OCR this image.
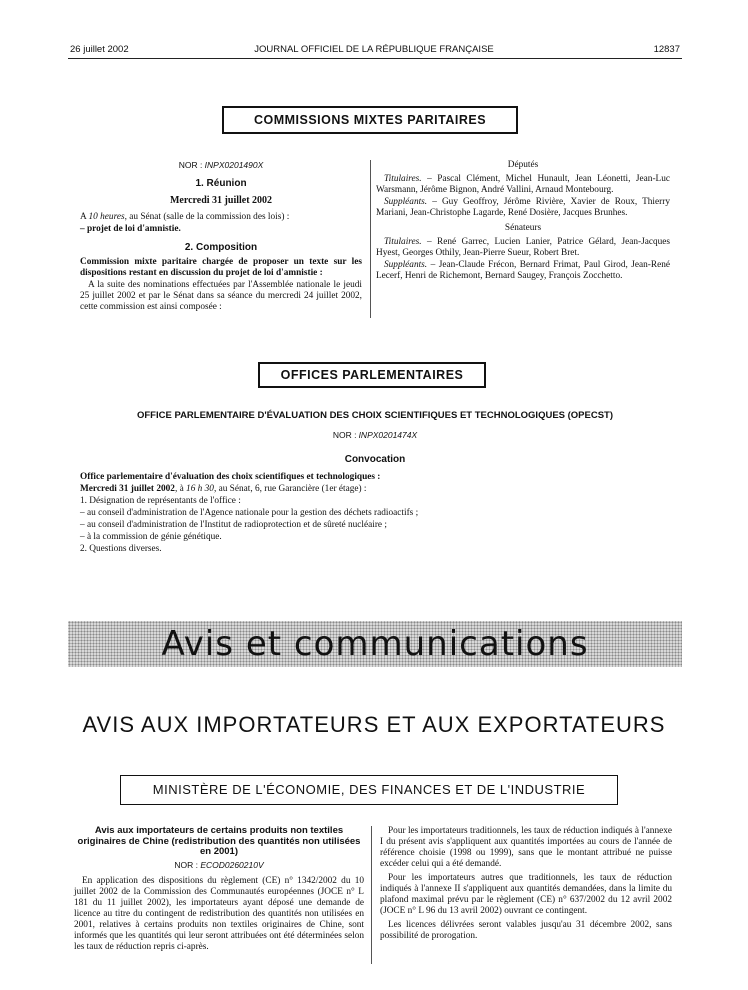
26 juillet 2002	JOURNAL OFFICIEL DE LA RÉPUBLIQUE FRANÇAISE	12837
COMMISSIONS MIXTES PARITAIRES

NOR : INPX0201490X

1. Réunion

Mercredi 31 juillet 2002

A 10 heures, au Sénat (salle de la commission des lois) :

– projet de loi d'amnistie.

2. Composition

Commission mixte paritaire chargée de proposer un texte sur les dispositions restant en discussion du projet de loi d'amnistie :

A la suite des nominations effectuées par l'Assemblée nationale le jeudi 25 juillet 2002 et par le Sénat dans sa séance du mercredi 24 juillet 2002, cette commission est ainsi composée :

Députés

Titulaires. – Pascal Clément, Michel Hunault, Jean Léonetti, Jean-Luc Warsmann, Jérôme Bignon, André Vallini, Arnaud Montebourg.

Suppléants. – Guy Geoffroy, Jérôme Rivière, Xavier de Roux, Thierry Mariani, Jean-Christophe Lagarde, René Dosière, Jacques Brunhes.

Sénateurs

Titulaires. – René Garrec, Lucien Lanier, Patrice Gélard, Jean-Jacques Hyest, Georges Othily, Jean-Pierre Sueur, Robert Bret.

Suppléants. – Jean-Claude Frécon, Bernard Frimat, Paul Girod, Jean-René Lecerf, Henri de Richemont, Bernard Saugey, François Zocchetto.

OFFICES PARLEMENTAIRES
OFFICE PARLEMENTAIRE D'ÉVALUATION DES CHOIX SCIENTIFIQUES ET TECHNOLOGIQUES (OPECST)
NOR : INPX0201474X
Convocation

Office parlementaire d'évaluation des choix scientifiques et technologiques :

Mercredi 31 juillet 2002, à 16 h 30, au Sénat, 6, rue Garancière (1er étage) :

1. Désignation de représentants de l'office :

– au conseil d'administration de l'Agence nationale pour la gestion des déchets radioactifs ;

– au conseil d'administration de l'Institut de radioprotection et de sûreté nucléaire ;

– à la commission de génie génétique.

2. Questions diverses.

Avis et communications
AVIS AUX IMPORTATEURS ET AUX EXPORTATEURS
MINISTÈRE DE L'ÉCONOMIE, DES FINANCES ET DE L'INDUSTRIE

Avis aux importateurs de certains produits non textiles originaires de Chine (redistribution des quantités non utilisées en 2001)

NOR : ECOD0260210V

En application des dispositions du règlement (CE) n° 1342/2002 du 10 juillet 2002 de la Commission des Communautés européennes (JOCE n° L 181 du 11 juillet 2002), les importateurs ayant déposé une demande de licence au titre du contingent de redistribution des quantités non utilisées en 2001, relatives à certains produits non textiles originaires de Chine, sont informés que les quantités qui leur seront attribuées ont été déterminées selon les taux de réduction repris ci-après.

Pour les importateurs traditionnels, les taux de réduction indiqués à l'annexe I du présent avis s'appliquent aux quantités importées au cours de l'année de référence choisie (1998 ou 1999), sans que le montant attribué ne puisse excéder celui qui a été demandé.

Pour les importateurs autres que traditionnels, les taux de réduction indiqués à l'annexe II s'appliquent aux quantités demandées, dans la limite du plafond maximal prévu par le règlement (CE) n° 637/2002 du 12 avril 2002 (JOCE n° L 96 du 13 avril 2002) ouvrant ce contingent.

Les licences délivrées seront valables jusqu'au 31 décembre 2002, sans possibilité de prorogation.
